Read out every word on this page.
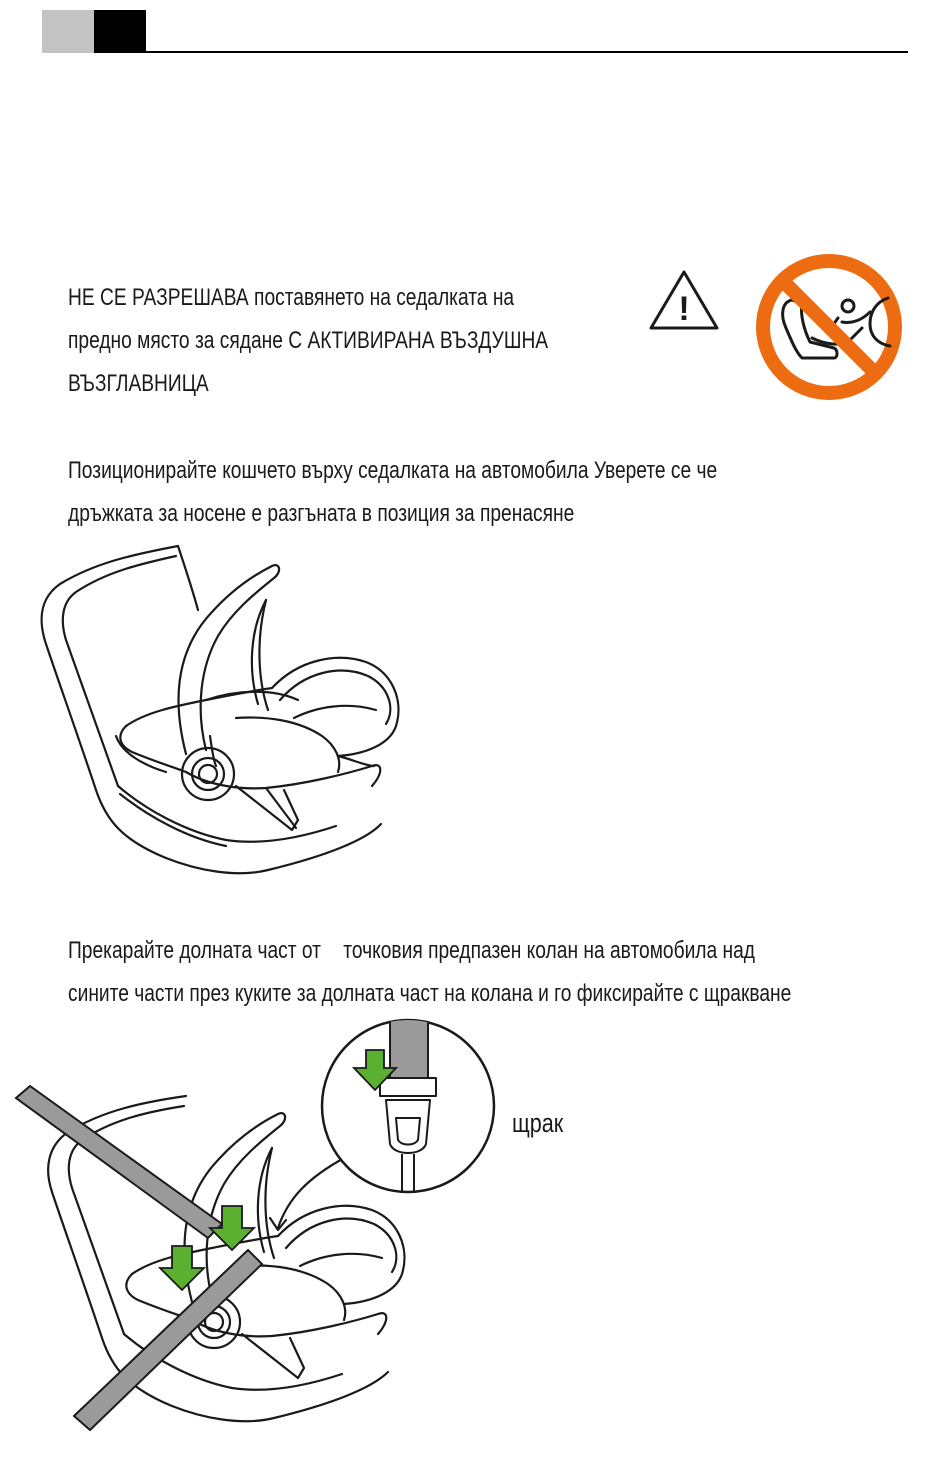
НЕ СЕ РАЗРЕШАВА поставянето на седалката на
предно място за сядане С АКТИВИРАНА ВЪЗДУШНА
ВЪЗГЛАВНИЦА
!
Позиционирайте кошчето върху седалката на автомобила Уверете се че
дръжката за носене е разгъната в позиция за пренасяне
Прекарайте долната част от точковия предпазен колан на автомобила над
сините части през куките за долната част на колана и го фиксирайте с щракване
щрак
